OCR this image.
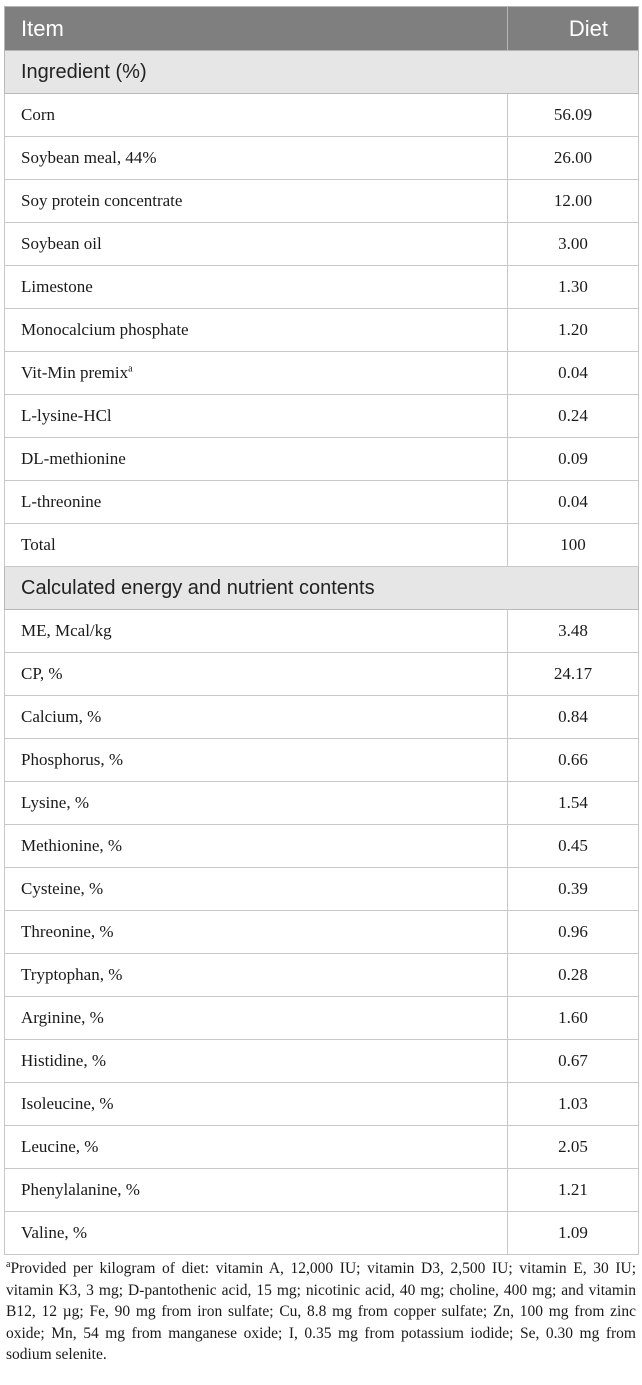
Item	Diet
Ingredient (%)	
Corn	56.09
Soybean meal, 44%	26.00
Soy protein concentrate	12.00
Soybean oil	3.00
Limestone	1.30
Monocalcium phosphate	1.20
Vit-Min premix$^a$	0.04
L-lysine-HCl	0.24
DL-methionine	0.09
L-threonine	0.04
Total	100
Calculated energy and nutrient contents	
ME, Mcal/kg	3.48
CP, %	24.17
Calcium, %	0.84
Phosphorus, %	0.66
Lysine, %	1.54
Methionine, %	0.45
Cysteine, %	0.39
Threonine, %	0.96
Tryptophan, %	0.28
Arginine, %	1.60
Histidine, %	0.67
Isoleucine, %	1.03
Leucine, %	2.05
Phenylalanine, %	1.21
Valine, %	1.09
$^a$Provided per kilogram of diet: vitamin A, 12,000 IU; vitamin D3, 2,500 IU; vitamin E, 30 IU; vitamin K3, 3 mg; D-pantothenic acid, 15 mg; nicotinic acid, 40 mg; choline, 400 mg; and vitamin B12, 12 µg; Fe, 90 mg from iron sulfate; Cu, 8.8 mg from copper sulfate; Zn, 100 mg from zinc oxide; Mn, 54 mg from manganese oxide; I, 0.35 mg from potassium iodide; Se, 0.30 mg from sodium selenite.
